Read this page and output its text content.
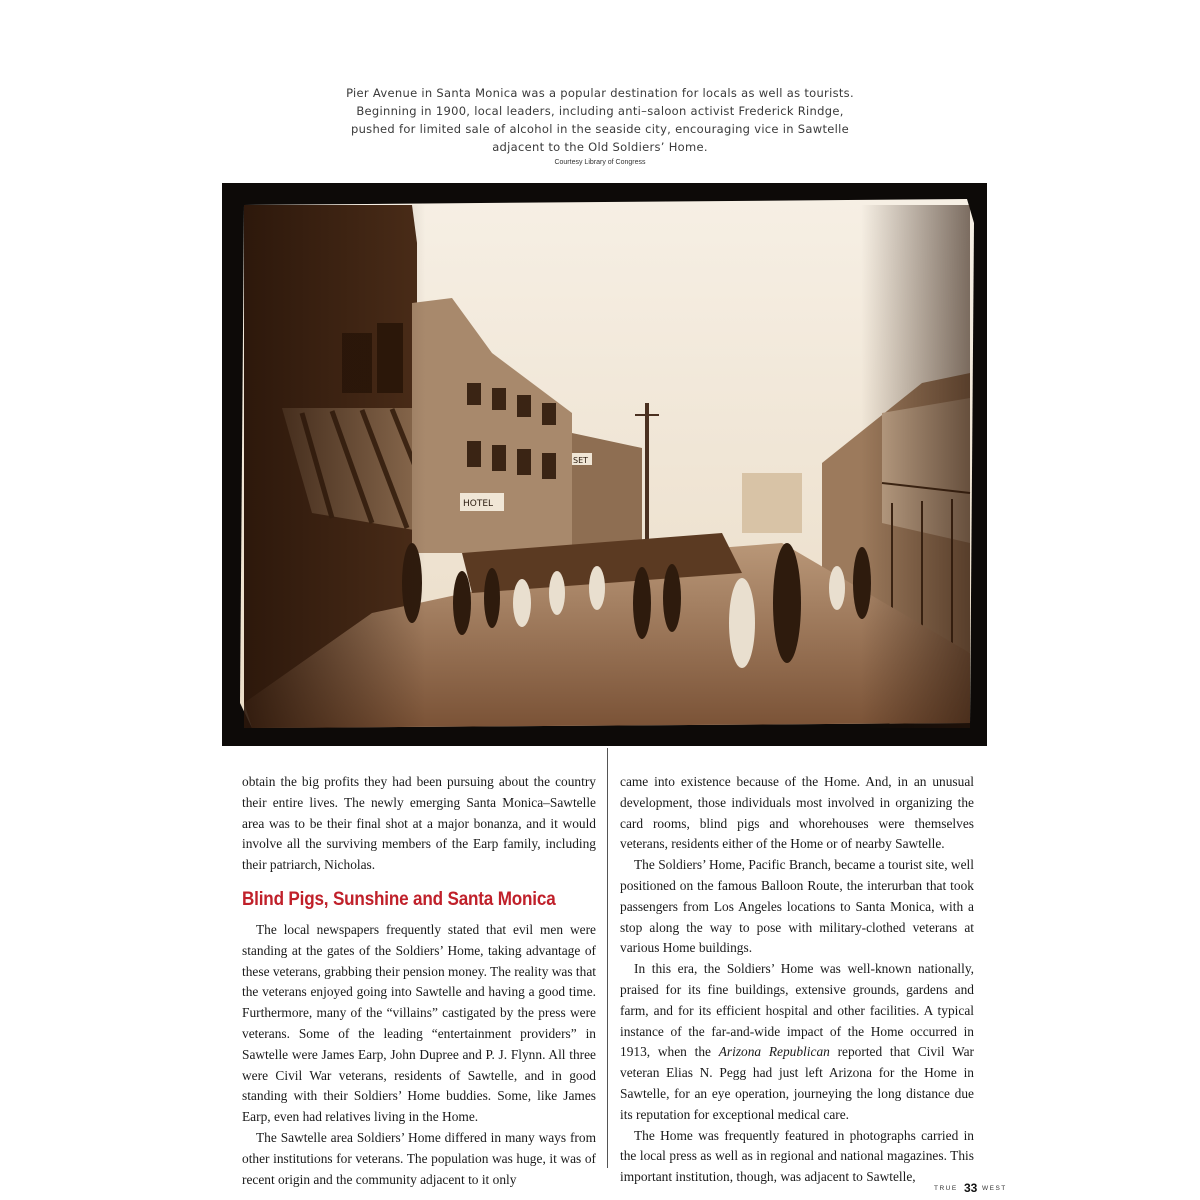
Pier Avenue in Santa Monica was a popular destination for locals as well as tourists.
Beginning in 1900, local leaders, including anti–saloon activist Frederick Rindge,
pushed for limited sale of alcohol in the seaside city, encouraging vice in Sawtelle
adjacent to the Old Soldiers’ Home.
Courtesy Library of Congress

obtain the big profits they had been pursuing about the country their entire lives. The newly emerging Santa Monica–Sawtelle area was to be their final shot at a major bonanza, and it would involve all the surviving members of the Earp family, including their patriarch, Nicholas.

Blind Pigs, Sunshine and Santa Monica

The local newspapers frequently stated that evil men were standing at the gates of the Soldiers’ Home, taking advantage of these veterans, grabbing their pension money. The reality was that the veterans enjoyed going into Sawtelle and having a good time. Furthermore, many of the “villains” castigated by the press were veterans. Some of the leading “entertainment providers” in Sawtelle were James Earp, John Dupree and P. J. Flynn. All three were Civil War veterans, residents of Sawtelle, and in good standing with their Soldiers’ Home buddies. Some, like James Earp, even had relatives living in the Home.

The Sawtelle area Soldiers’ Home differed in many ways from other institutions for veterans. The population was huge, it was of recent origin and the community adjacent to it only

came into existence because of the Home. And, in an unusual development, those individuals most involved in organizing the card rooms, blind pigs and whorehouses were themselves veterans, residents either of the Home or of nearby Sawtelle.

The Soldiers’ Home, Pacific Branch, became a tourist site, well positioned on the famous Balloon Route, the interurban that took passengers from Los Angeles locations to Santa Monica, with a stop along the way to pose with military-clothed veterans at various Home buildings.

In this era, the Soldiers’ Home was well-known nationally, praised for its fine buildings, extensive grounds, gardens and farm, and for its efficient hospital and other facilities. A typical instance of the far-and-wide impact of the Home occurred in 1913, when the Arizona Republican reported that Civil War veteran Elias N. Pegg had just left Arizona for the Home in Sawtelle, for an eye operation, journeying the long distance due its reputation for exceptional medical care.

The Home was frequently featured in photographs carried in the local press as well as in regional and national magazines. This important institution, though, was adjacent to Sawtelle,

TRUE 33 WEST
